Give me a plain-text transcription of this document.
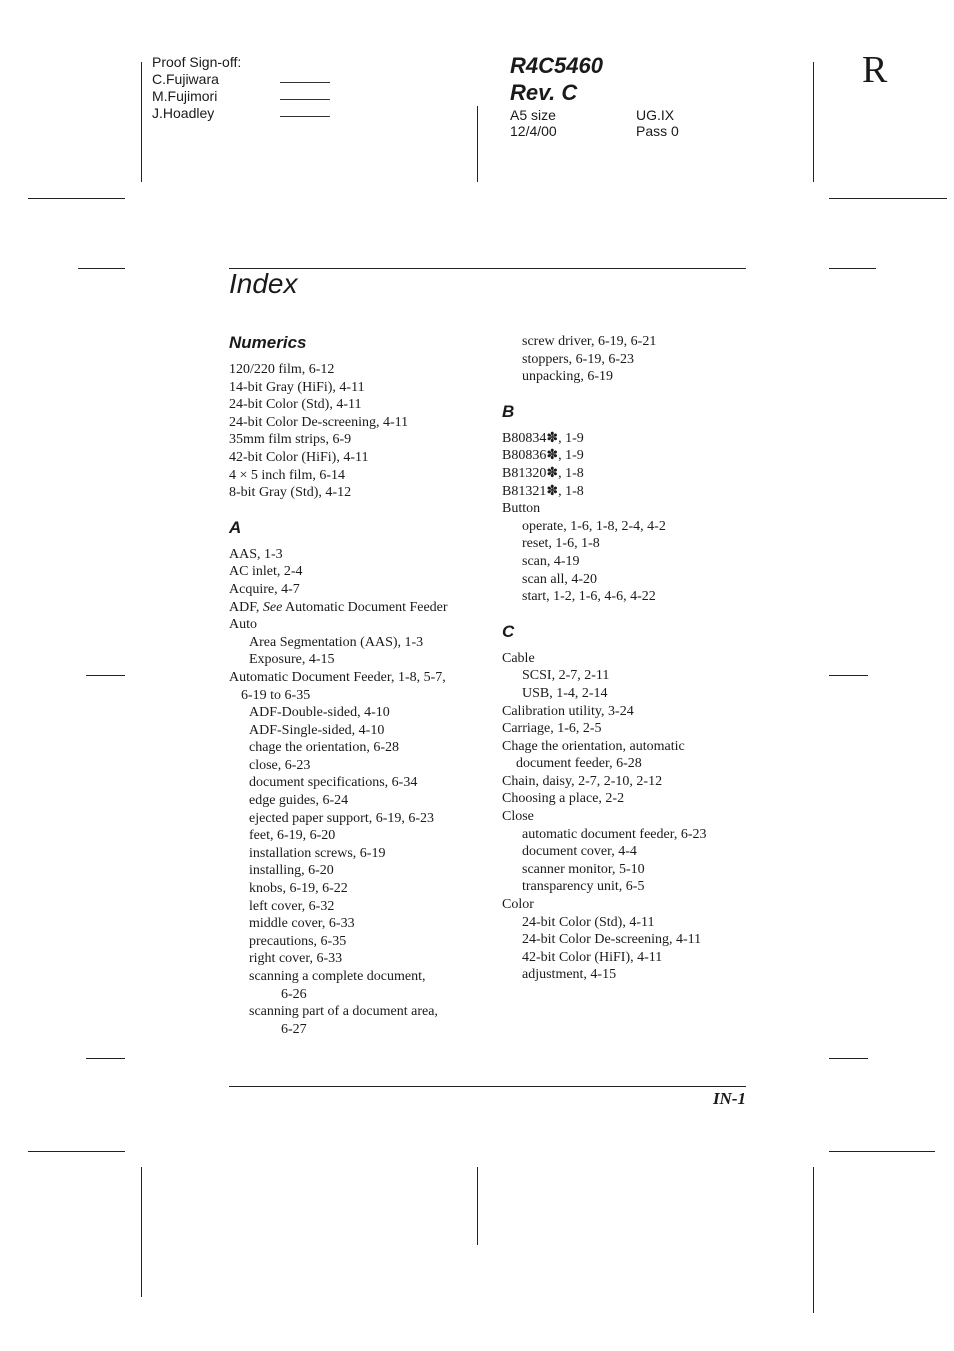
Proof Sign-off:
C.Fujiwara
M.Fujimori
J.Hoadley
R4C5460
Rev. C
A5 size	UG.IX
12/4/00	Pass 0
R
Index
Numerics
120/220 film, 6-12
14-bit Gray (HiFi), 4-11
24-bit Color (Std), 4-11
24-bit Color De-screening, 4-11
35mm film strips, 6-9
42-bit Color (HiFi), 4-11
4 × 5 inch film, 6-14
8-bit Gray (Std), 4-12
A
AAS, 1-3
AC inlet, 2-4
Acquire, 4-7
ADF, See Automatic Document Feeder
Auto
Area Segmentation (AAS), 1-3
Exposure, 4-15
Automatic Document Feeder, 1-8, 5-7,
6-19 to 6-35
ADF-Double-sided, 4-10
ADF-Single-sided, 4-10
chage the orientation, 6-28
close, 6-23
document specifications, 6-34
edge guides, 6-24
ejected paper support, 6-19, 6-23
feet, 6-19, 6-20
installation screws, 6-19
installing, 6-20
knobs, 6-19, 6-22
left cover, 6-32
middle cover, 6-33
precautions, 6-35
right cover, 6-33
scanning a complete document,
6-26
scanning part of a document area,
6-27
screw driver, 6-19, 6-21
stoppers, 6-19, 6-23
unpacking, 6-19
B
B80834✽, 1-9
B80836✽, 1-9
B81320✽, 1-8
B81321✽, 1-8
Button
operate, 1-6, 1-8, 2-4, 4-2
reset, 1-6, 1-8
scan, 4-19
scan all, 4-20
start, 1-2, 1-6, 4-6, 4-22
C
Cable
SCSI, 2-7, 2-11
USB, 1-4, 2-14
Calibration utility, 3-24
Carriage, 1-6, 2-5
Chage the orientation, automatic
document feeder, 6-28
Chain, daisy, 2-7, 2-10, 2-12
Choosing a place, 2-2
Close
automatic document feeder, 6-23
document cover, 4-4
scanner monitor, 5-10
transparency unit, 6-5
Color
24-bit Color (Std), 4-11
24-bit Color De-screening, 4-11
42-bit Color (HiFI), 4-11
adjustment, 4-15
IN-1
